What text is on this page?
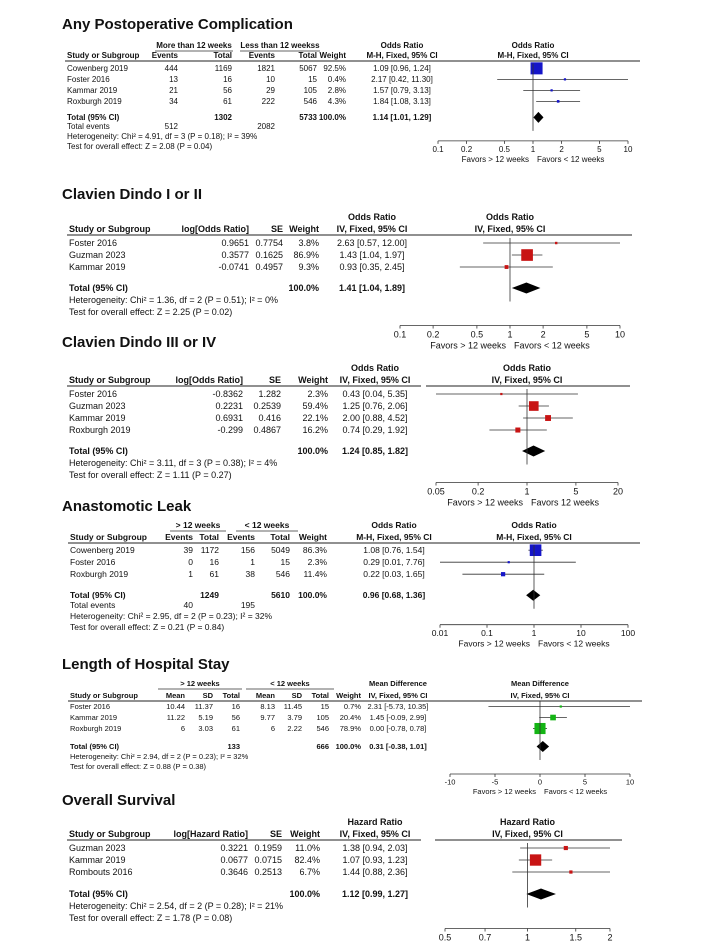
Any Postoperative Complication
More than 12 weeks Less than 12 weekss	Odds Ratio
M-H, Fixed, 95% CI
Odds Ratio
M-H, Fixed, 95% CI
Study or Subgroup Events	Total Events	Total Weight
Cowenberg 2019	444	1169	1821	5067 92.5%	1.09 [0.96, 1.24]
Foster 2016	13	16	10	15 0.4%	2.17 [0.42, 11.30]
Kammar 2019	21	56	29	105 2.8%	1.57 [0.79, 3.13]
Roxburgh 2019	34	61	222	546 4.3%	1.84 [1.08, 3.13]
Total (95% CI)	1302	5733 100.0%	1.14 [1.01, 1.29]
Total events	512	2082
Heterogeneity: Chi² = 4.91, df = 3 (P = 0.18); I² = 39%
Test for overall effect: Z = 2.08 (P = 0.04)	0.1 0.2	0.5	1	2	5	10
Favors > 12 weeks Favors < 12 weeks
Clavien Dindo I or II
Odds Ratio
IV, Fixed, 95% CI
Odds Ratio
IV, Fixed, 95% CI
Study or Subgroup	log[Odds Ratio] SE Weight
Foster 2016	0.9651 0.7754 3.8% 2.63 [0.57, 12.00]
Guzman 2023	0.3577 0.1625 86.9% 1.43 [1.04, 1.97]
Kammar 2019	-0.0741 0.4957 9.3% 0.93 [0.35, 2.45]
Total (95% CI)	100.0% 1.41 [1.04, 1.89]
Heterogeneity: Chi² = 1.36, df = 2 (P = 0.51); I² = 0%
Test for overall effect: Z = 2.25 (P = 0.02)
0.1 0.2	0.5	1	2	5	10
Favors > 12 weeks Favors < 12 weeks
Clavien Dindo III or IV
Odds Ratio
IV, Fixed, 95% CI
Odds Ratio
IV, Fixed, 95% CI
Study or Subgroup	log[Odds Ratio]	SE Weight
Foster 2016	-0.8362 1.282	2.3% 0.43 [0.04, 5.35]
Guzman 2023	0.2231 0.2539 59.4% 1.25 [0.76, 2.06]
Kammar 2019	0.6931 0.416 22.1% 2.00 [0.88, 4.52]
Roxburgh 2019	-0.299 0.4867 16.2% 0.74 [0.29, 1.92]
Total (95% CI)	100.0% 1.24 [0.85, 1.82]
Heterogeneity: Chi² = 3.11, df = 3 (P = 0.38); I² = 4%
Test for overall effect: Z = 1.11 (P = 0.27)
0.05	0.2	1	5	20
Favors > 12 weeks Favors 12 weeks
Anastomotic Leak
> 12 weeks	< 12 weeks	Odds Ratio
M-H, Fixed, 95% CI
Odds Ratio
M-H, Fixed, 95% CI
Study or Subgroup Events Total Events Total Weight
Cowenberg 2019	39 1172	156 5049 86.3%	1.08 [0.76, 1.54]
Foster 2016	0 16	1	15 2.3%	0.29 [0.01, 7.76]
Roxburgh 2019	1 61	38 546 11.4%	0.22 [0.03, 1.65]
Total (95% CI)	1249	5610 100.0%	0.96 [0.68, 1.36]
Total events	40	195
Heterogeneity: Chi² = 2.95, df = 2 (P = 0.23); I² = 32%
Test for overall effect: Z = 0.21 (P = 0.84)
0.01	0.1	1	10	100
Favors > 12 weeks Favors < 12 weeks
Length of Hospital Stay
> 12 weeks	< 12 weeks	Mean Difference
IV, Fixed, 95% CI
Mean Difference
IV, Fixed, 95% CI
Study or Subgroup	Mean SD Total Mean SD Total Weight
Foster 2016	10.44 11.37 16	8.13 11.45 15 0.7% 2.31 [-5.73, 10.35]
Kammar 2019	11.22 5.19 56	9.77 3.79 105 20.4% 1.45 [-0.09, 2.99]
Roxburgh 2019	6 3.03 61	6 2.22 546 78.9% 0.00 [-0.78, 0.78]
Total (95% CI)	133	666 100.0% 0.31 [-0.38, 1.01]
Heterogeneity: Chi² = 2.94, df = 2 (P = 0.23); I² = 32%
Test for overall effect: Z = 0.88 (P = 0.38)
-10	-5	0	5	10
Favors > 12 weeks Favors < 12 weeks
Overall Survival
Hazard Ratio
IV, Fixed, 95% CI
Hazard Ratio
IV, Fixed, 95% CI
Study or Subgroup	log[Hazard Ratio] SE Weight
Guzman 2023	0.3221 0.1959 11.0% 1.38 [0.94, 2.03]
Kammar 2019	0.0677 0.0715 82.4% 1.07 [0.93, 1.23]
Rombouts 2016	0.3646 0.2513 6.7% 1.44 [0.88, 2.36]
Total (95% CI)	100.0% 1.12 [0.99, 1.27]
Heterogeneity: Chi² = 2.54, df = 2 (P = 0.28); I² = 21%
Test for overall effect: Z = 1.78 (P = 0.08)
0.5	0.7	1	1.5	2
